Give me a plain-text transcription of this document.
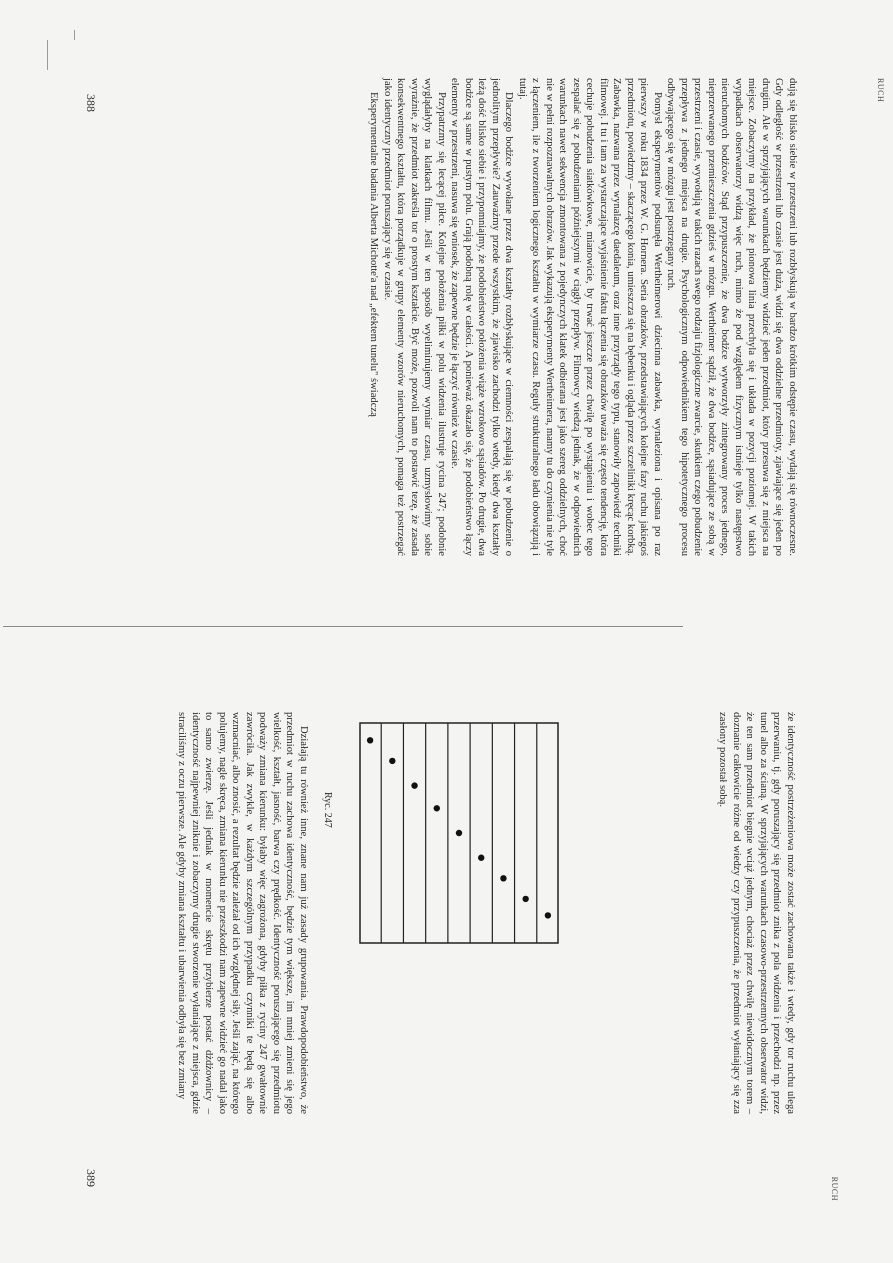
RUCH

dują się blisko siebie w przestrzeni lub rozbłyskują w bardzo krótkim odstępie czasu, wydają się równoczesne. Gdy odległość w przestrzeni lub czasie jest duża, widzi się dwa oddzielne przedmioty, zjawiające się jeden po drugim. Ale w sprzyjających warunkach będziemy widzieć jeden przedmiot, który przesuwa się z miejsca na miejsce. Zobaczymy na przykład, że pionowa linia przechyla się i układa w pozycji poziomej. W takich wypadkach obserwatorzy widzą więc ruch, mimo że pod względem fizycznym istnieje tylko następstwo nieruchomych bodźców. Stąd przypuszczenie, że dwa bodźce wytworzyły zintegrowany proces jednego, nieprzerwanego przemieszczenia gdzieś w mózgu. Wertheimer sądził, że dwa bodźce, sąsiadujące ze sobą w przestrzeni i czasie, wywołują w takich razach swego rodzaju fizjologiczne zwarcie, skutkiem czego pobudzenie przepływa z jednego miejsca na drugie. Psychologicznym odpowiednikiem tego hipotetycznego procesu odbywającego się w mózgu jest postrzegany ruch.

Pomysł eksperymentów podsunęła Wertheimerowi dziecinna zabawka, wynaleziona i opisana po raz pierwszy w roku 1834 przez W. G. Hornera. Seria obrazków, przedstawiających kolejne fazy ruchu jakiegoś przedmiotu, powiedzmy – skaczącego konia, umieszcza się na bębenku i ogląda przez szczeliniki kręcąc korbką. Zabawka, nazwana przez wynalazcę daedaleum, oraz inne przyrządy tego typu, stanowiły zapowiedź techniki filmowej. I tu i tam za wystarczające wyjaśnienie faktu łączenia się obrazków uważa się często tendencję, która cechuje pobudzenia siatkówkowe, mianowicie, by trwać jeszcze przez chwilę po wystąpieniu i wobec tego zespalać się z pobudzeniami późniejszymi w ciągły przepływ. Filmowcy wiedzą jednak, że w odpowiednich warunkach nawet sekwencja zmontowana z pojedynczych klatek odbierana jest jako szereg oddzielnych, choć nie w pełni rozpoznawalnych obrazów. Jak wykazują eksperymenty Wertheimera, mamy tu do czynienia nie tyle z łączeniem, ile z tworzeniem logicznego kształtu w wymiarze czasu. Reguły strukturalnego ładu obowiązują i tutaj.

Dlaczego bodźce wywołane przez dwa kształty rozbłyskujące w ciemności zespalają się w pobudzenie o jednolitym przepływie? Zauważmy przede wszystkim, że zjawisko zachodzi tylko wtedy, kiedy dwa kształty leżą dość blisko siebie i przypomniajmy, że podobieństwo położenia wiąże wzrokowo sąsiadów. Po drugie, dwa bodźce są same w pustym polu. Grają podobną rolę w całości. A ponieważ okazało się, że podobieństwo łączy elementy w przestrzeni, nasuwa się wniosek, że zapewne będzie je łączyć również w czasie.

Przypatrzmy się lecącej piłce. Kolejne położenia piłki w polu widzenia ilustruje rycina 247; podobnie wyglądałyby na klatkach filmu. Jeśli w ten sposób wyeliminujemy wymiar czasu, uzmysłowimy sobie wyraźnie, że przedmiot zakreśla tor o prostym kształcie. Być może, pozwoli nam to postawić tezę, że zasada konsekwentnego kształtu, która porządkuje w grupy elementy wzorów nieruchomych, pomaga też postrzegać jako identyczny przedmiot poruszający się w czasie.

Eksperymentalne badania Alberta Michotte'a nad „efektem tunelu" świadczą

388
RUCH

że identyczność postrzeżeniowa może zostać zachowana także i wtedy, gdy tor ruchu ulega przerwaniu, tj. gdy poruszający się przedmiot znika z pola widzenia i przechodzi np. przez tunel albo za ścianą. W sprzyjających warunkach czasowo-przestrzennych obserwator widzi, że ten sam przedmiot biegnie wciąż jednym, chociaż przez chwilę niewidocznym torem – doznanie całkowicie różne od wiedzy czy przypuszczenia, że przedmiot wyłaniający się zza zasłony pozostał sobą.

Ryc. 247

Działają tu również inne, znane nam już zasady grupowania. Prawdopodobieństwo, że przedmiot w ruchu zachowa identyczność, będzie tym większe, im mniej zmieni się jego wielkość, kształt, jasność, barwa czy prędkość. Identyczność poruszającego się przedmiotu podważy zmiana kierunku: byłaby więc zagrożona, gdyby piłka z ryciny 247 gwałtownie zawróciła. Jak zwykle, w każdym szczególnym przypadku czynniki te będą się albo wzmacniać, albo znosić, a rezultat będzie zależał od ich względnej siły. Jeśli zająć, na którego polujemy, nagle skręca, zmiana kierunku nie przeszkodzi nam zapewne widzieć go nadal jako to samo zwierzę. Jeśli jednak w momencie skrętu przybierze postać dżdżownicy – identyczność najpewniej zniknie i zobaczymy drugie stworzenie wyłaniające z miejsca, gdzie straciliśmy z oczu pierwsze. Ale gdyby zmiana kształtu i ubarwienia odbyła się bez zmiany

389
